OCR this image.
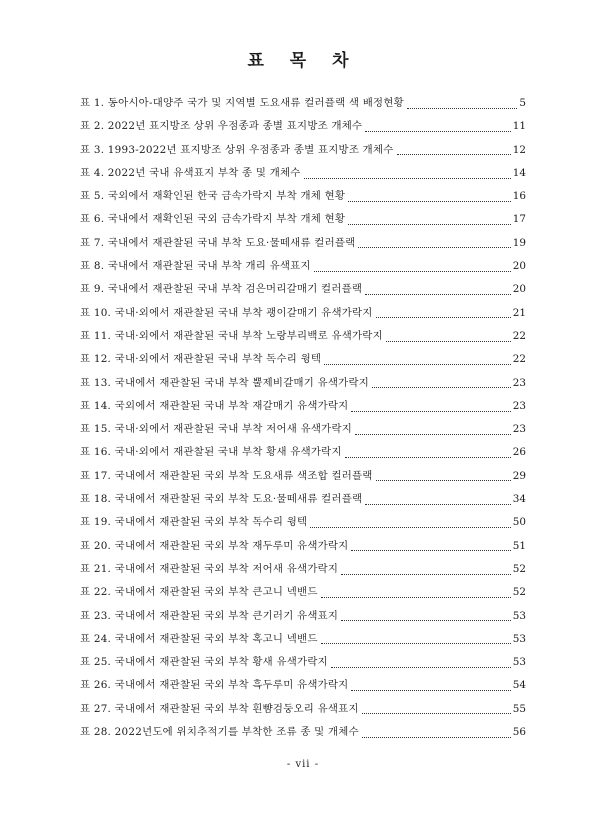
표 목 차
표 1. 동아시아-대양주 국가 및 지역별 도요새류 컬러플랙 색 배정현황	5
표 2. 2022년 표지방조 상위 우점종과 종별 표지방조 개체수	11
표 3. 1993-2022년 표지방조 상위 우점종과 종별 표지방조 개체수	12
표 4. 2022년 국내 유색표지 부착 종 및 개체수	14
표 5. 국외에서 재확인된 한국 금속가락지 부착 개체 현황	16
표 6. 국내에서 재확인된 국외 금속가락지 부착 개체 현황	17
표 7. 국내에서 재관찰된 국내 부착 도요·물떼새류 컬러플랙	19
표 8. 국내에서 재관찰된 국내 부착 개리 유색표지	20
표 9. 국내에서 재관찰된 국내 부착 검은머리갈매기 컬러플랙	20
표 10. 국내·외에서 재관찰된 국내 부착 괭이갈매기 유색가락지	21
표 11. 국내·외에서 재관찰된 국내 부착 노랑부리백로 유색가락지	22
표 12. 국내·외에서 재관찰된 국내 부착 독수리 윙텍	22
표 13. 국내에서 재관찰된 국내 부착 뿔제비갈매기 유색가락지	23
표 14. 국외에서 재관찰된 국내 부착 재갈매기 유색가락지	23
표 15. 국내·외에서 재관찰된 국내 부착 저어새 유색가락지	23
표 16. 국내·외에서 재관찰된 국내 부착 황새 유색가락지	26
표 17. 국내에서 재관찰된 국외 부착 도요새류 색조합 컬러플랙	29
표 18. 국내에서 재관찰된 국외 부착 도요·물떼새류 컬러플랙	34
표 19. 국내에서 재관찰된 국외 부착 독수리 윙텍	50
표 20. 국내에서 재관찰된 국외 부착 재두루미 유색가락지	51
표 21. 국내에서 재관찰된 국외 부착 저어새 유색가락지	52
표 22. 국내에서 재관찰된 국외 부착 큰고니 넥밴드	52
표 23. 국내에서 재관찰된 국외 부착 큰기러기 유색표지	53
표 24. 국내에서 재관찰된 국외 부착 혹고니 넥밴드	53
표 25. 국내에서 재관찰된 국외 부착 황새 유색가락지	53
표 26. 국내에서 재관찰된 국외 부착 흑두루미 유색가락지	54
표 27. 국내에서 재관찰된 국외 부착 흰뺨검둥오리 유색표지	55
표 28. 2022년도에 위치추적기를 부착한 조류 종 및 개체수	56
- vii -
